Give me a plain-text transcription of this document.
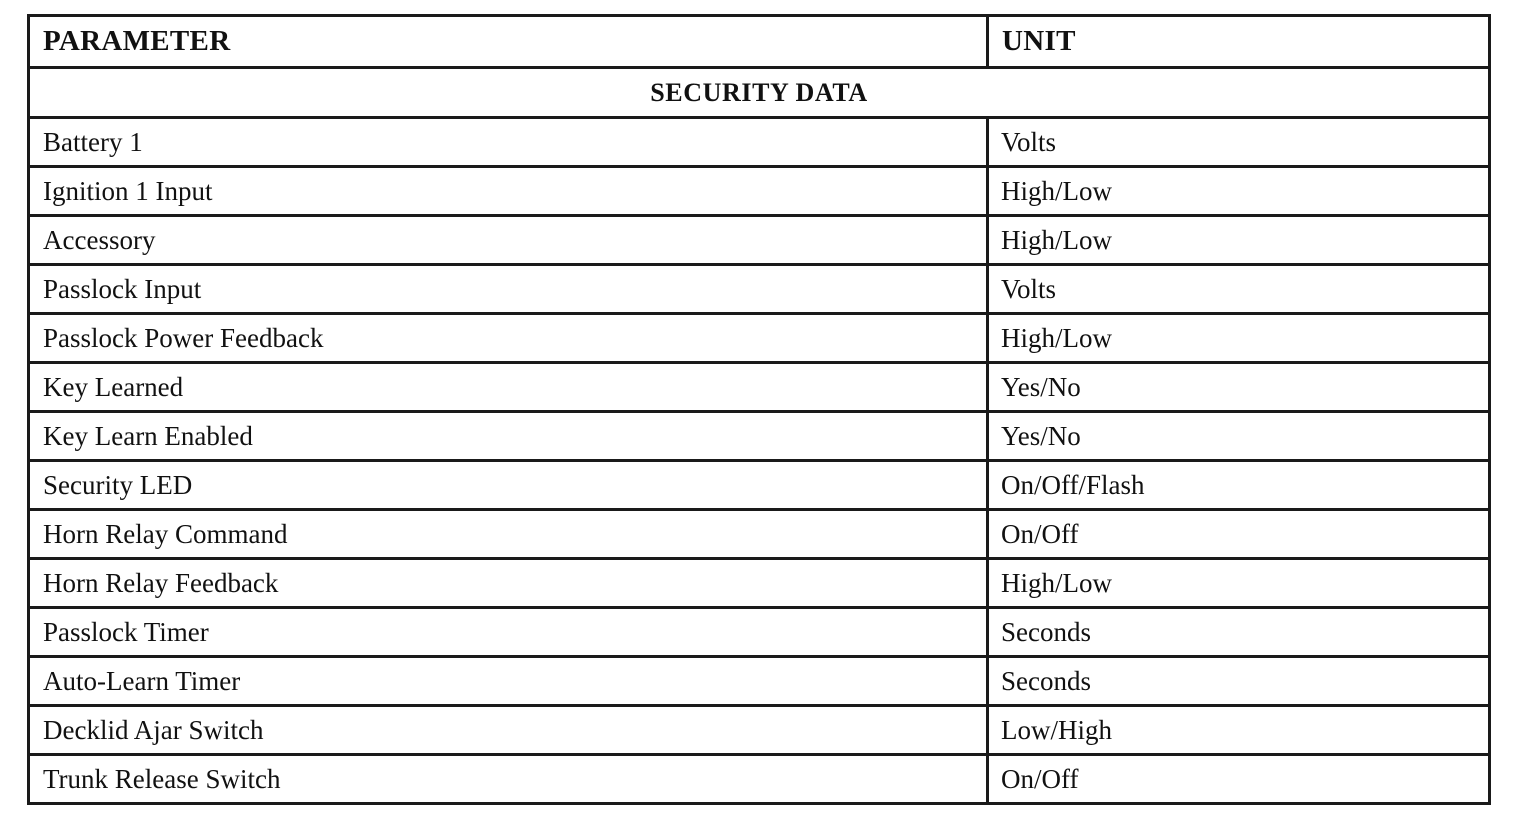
PARAMETER	UNIT
SECURITY DATA	
Battery 1	Volts
Ignition 1 Input	High/Low
Accessory	High/Low
Passlock Input	Volts
Passlock Power Feedback	High/Low
Key Learned	Yes/No
Key Learn Enabled	Yes/No
Security LED	On/Off/Flash
Horn Relay Command	On/Off
Horn Relay Feedback	High/Low
Passlock Timer	Seconds
Auto-Learn Timer	Seconds
Decklid Ajar Switch	Low/High
Trunk Release Switch	On/Off
